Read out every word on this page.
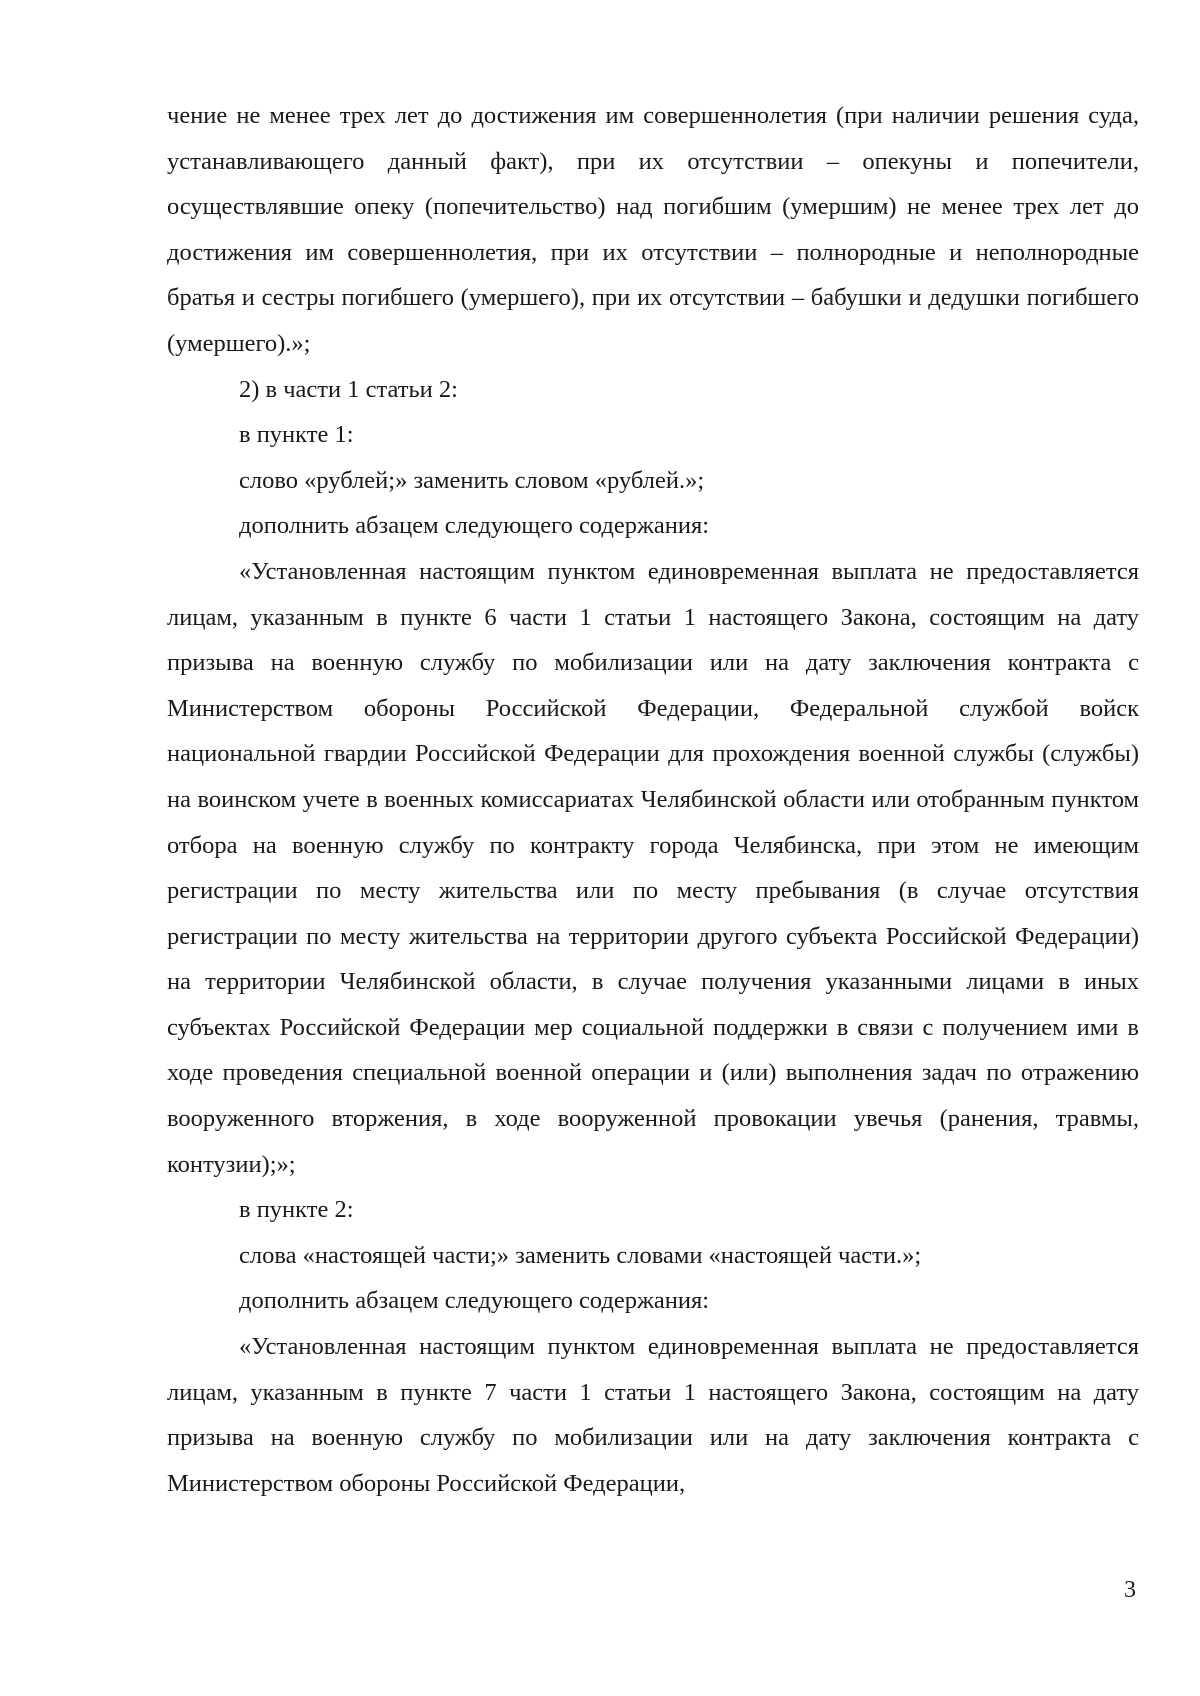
чение не менее трех лет до достижения им совершеннолетия (при наличии решения суда, устанавливающего данный факт), при их отсутствии – опекуны и попечители, осуществлявшие опеку (попечительство) над погибшим (умершим) не менее трех лет до достижения им совершеннолетия, при их отсутствии – полнородные и неполнородные братья и сестры погибшего (умершего), при их отсутствии – бабушки и дедушки погибшего (умершего).»;

2) в части 1 статьи 2:

в пункте 1:

слово «рублей;» заменить словом «рублей.»;

дополнить абзацем следующего содержания:

«Установленная настоящим пунктом единовременная выплата не предоставляется лицам, указанным в пункте 6 части 1 статьи 1 настоящего Закона, состоящим на дату призыва на военную службу по мобилизации или на дату заключения контракта с Министерством обороны Российской Федерации, Федеральной службой войск национальной гвардии Российской Федерации для прохождения военной службы (службы) на воинском учете в военных комиссариатах Челябинской области или отобранным пунктом отбора на военную службу по контракту города Челябинска, при этом не имеющим регистрации по месту жительства или по месту пребывания (в случае отсутствия регистрации по месту жительства на территории другого субъекта Российской Федерации) на территории Челябинской области, в случае получения указанными лицами в иных субъектах Российской Федерации мер социальной поддержки в связи с получением ими в ходе проведения специальной военной операции и (или) выполнения задач по отражению вооруженного вторжения, в ходе вооруженной провокации увечья (ранения, травмы, контузии);»;

в пункте 2:

слова «настоящей части;» заменить словами «настоящей части.»;

дополнить абзацем следующего содержания:

«Установленная настоящим пунктом единовременная выплата не предоставляется лицам, указанным в пункте 7 части 1 статьи 1 настоящего Закона, состоящим на дату призыва на военную службу по мобилизации или на дату заключения контракта с Министерством обороны Российской Федерации,

3
